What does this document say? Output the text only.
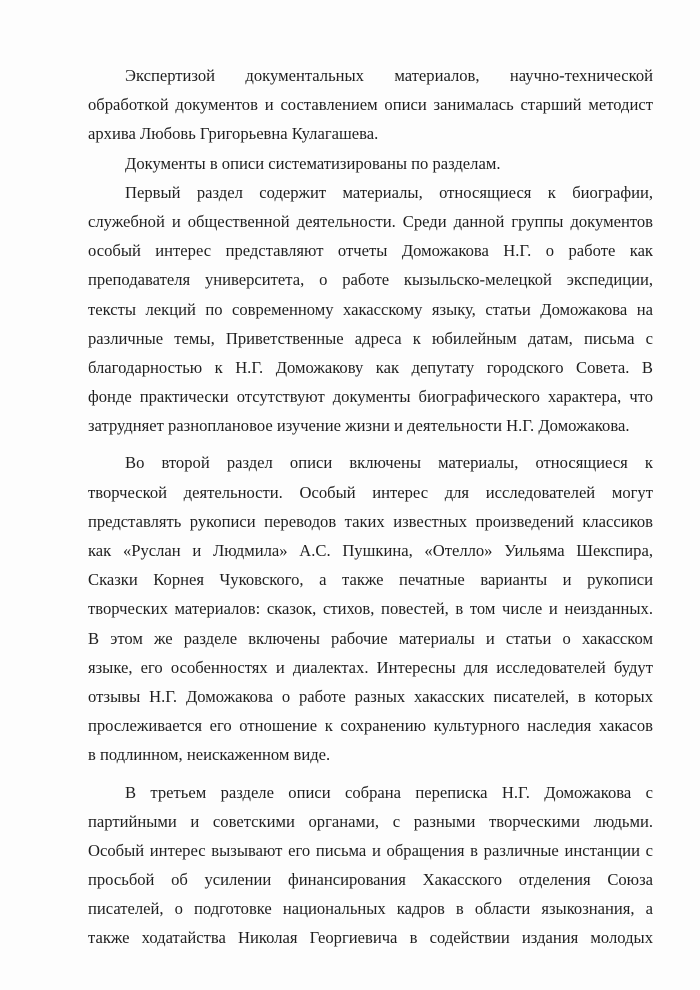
Экспертизой документальных материалов, научно-технической
обработкой документов и составлением описи занималась старший методист
архива Любовь Григорьевна Кулагашева.
Документы в описи систематизированы по разделам.
Первый раздел содержит материалы, относящиеся к биографии,
служебной и общественной деятельности. Среди данной группы документов
особый интерес представляют отчеты Доможакова Н.Г. о работе как
преподавателя университета, о работе кызыльско-мелецкой экспедиции,
тексты лекций по современному хакасскому языку, статьи Доможакова на
различные темы, Приветственные адреса к юбилейным датам, письма с
благодарностью к Н.Г. Доможакову как депутату городского Совета. В
фонде практически отсутствуют документы биографического характера, что
затрудняет разноплановое изучение жизни и деятельности Н.Г. Доможакова.
Во второй раздел описи включены материалы, относящиеся к
творческой деятельности. Особый интерес для исследователей могут
представлять рукописи переводов таких известных произведений классиков
как «Руслан и Людмила» А.С. Пушкина, «Отелло» Уильяма Шекспира,
Сказки Корнея Чуковского, а также печатные варианты и рукописи
творческих материалов: сказок, стихов, повестей, в том числе и неизданных.
В этом же разделе включены рабочие материалы и статьи о хакасском
языке, его особенностях и диалектах. Интересны для исследователей будут
отзывы Н.Г. Доможакова о работе разных хакасских писателей, в которых
прослеживается его отношение к сохранению культурного наследия хакасов
в подлинном, неискаженном виде.
В третьем разделе описи собрана переписка Н.Г. Доможакова с
партийными и советскими органами, с разными творческими людьми.
Особый интерес вызывают его письма и обращения в различные инстанции с
просьбой об усилении финансирования Хакасского отделения Союза
писателей, о подготовке национальных кадров в области языкознания, а
также ходатайства Николая Георгиевича в содействии издания молодых
